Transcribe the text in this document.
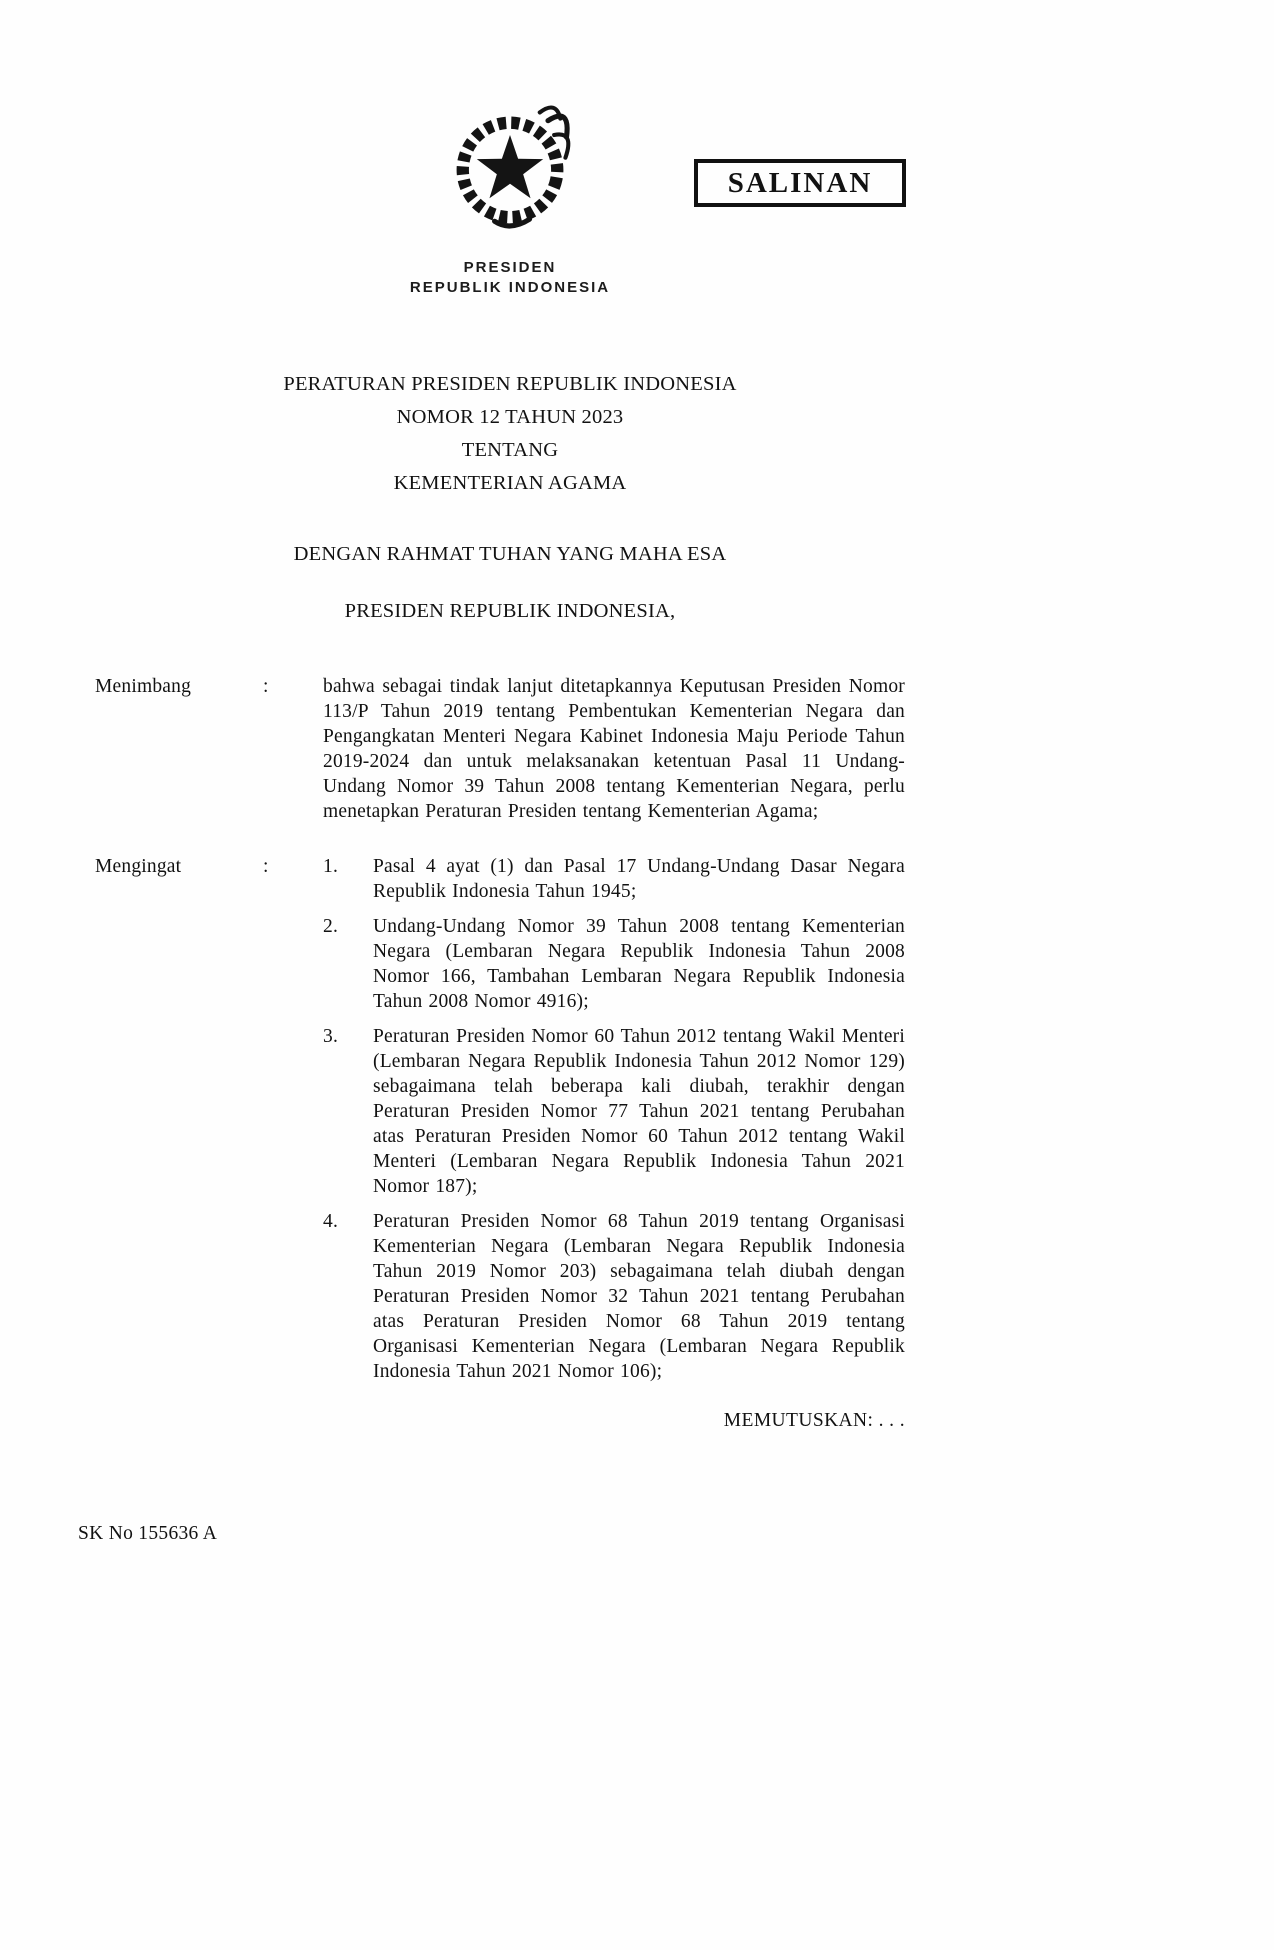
SALINAN
PRESIDEN
REPUBLIK INDONESIA
PERATURAN PRESIDEN REPUBLIK INDONESIA
NOMOR 12 TAHUN 2023
TENTANG
KEMENTERIAN AGAMA
DENGAN RAHMAT TUHAN YANG MAHA ESA
PRESIDEN REPUBLIK INDONESIA,
Menimbang	:	bahwa sebagai tindak lanjut ditetapkannya Keputusan Presiden Nomor 113/P Tahun 2019 tentang Pembentukan Kementerian Negara dan Pengangkatan Menteri Negara Kabinet Indonesia Maju Periode Tahun 2019-2024 dan untuk melaksanakan ketentuan Pasal 11 Undang-Undang Nomor 39 Tahun 2008 tentang Kementerian Negara, perlu menetapkan Peraturan Presiden tentang Kementerian Agama;
Mengingat	:	1.	Pasal 4 ayat (1) dan Pasal 17 Undang-Undang Dasar Negara Republik Indonesia Tahun 1945;
2.	Undang-Undang Nomor 39 Tahun 2008 tentang Kementerian Negara (Lembaran Negara Republik Indonesia Tahun 2008 Nomor 166, Tambahan Lembaran Negara Republik Indonesia Tahun 2008 Nomor 4916);
3.	Peraturan Presiden Nomor 60 Tahun 2012 tentang Wakil Menteri (Lembaran Negara Republik Indonesia Tahun 2012 Nomor 129) sebagaimana telah beberapa kali diubah, terakhir dengan Peraturan Presiden Nomor 77 Tahun 2021 tentang Perubahan atas Peraturan Presiden Nomor 60 Tahun 2012 tentang Wakil Menteri (Lembaran Negara Republik Indonesia Tahun 2021 Nomor 187);
4.	Peraturan Presiden Nomor 68 Tahun 2019 tentang Organisasi Kementerian Negara (Lembaran Negara Republik Indonesia Tahun 2019 Nomor 203) sebagaimana telah diubah dengan Peraturan Presiden Nomor 32 Tahun 2021 tentang Perubahan atas Peraturan Presiden Nomor 68 Tahun 2019 tentang Organisasi Kementerian Negara (Lembaran Negara Republik Indonesia Tahun 2021 Nomor 106);
MEMUTUSKAN: . . .
SK No 155636 A
